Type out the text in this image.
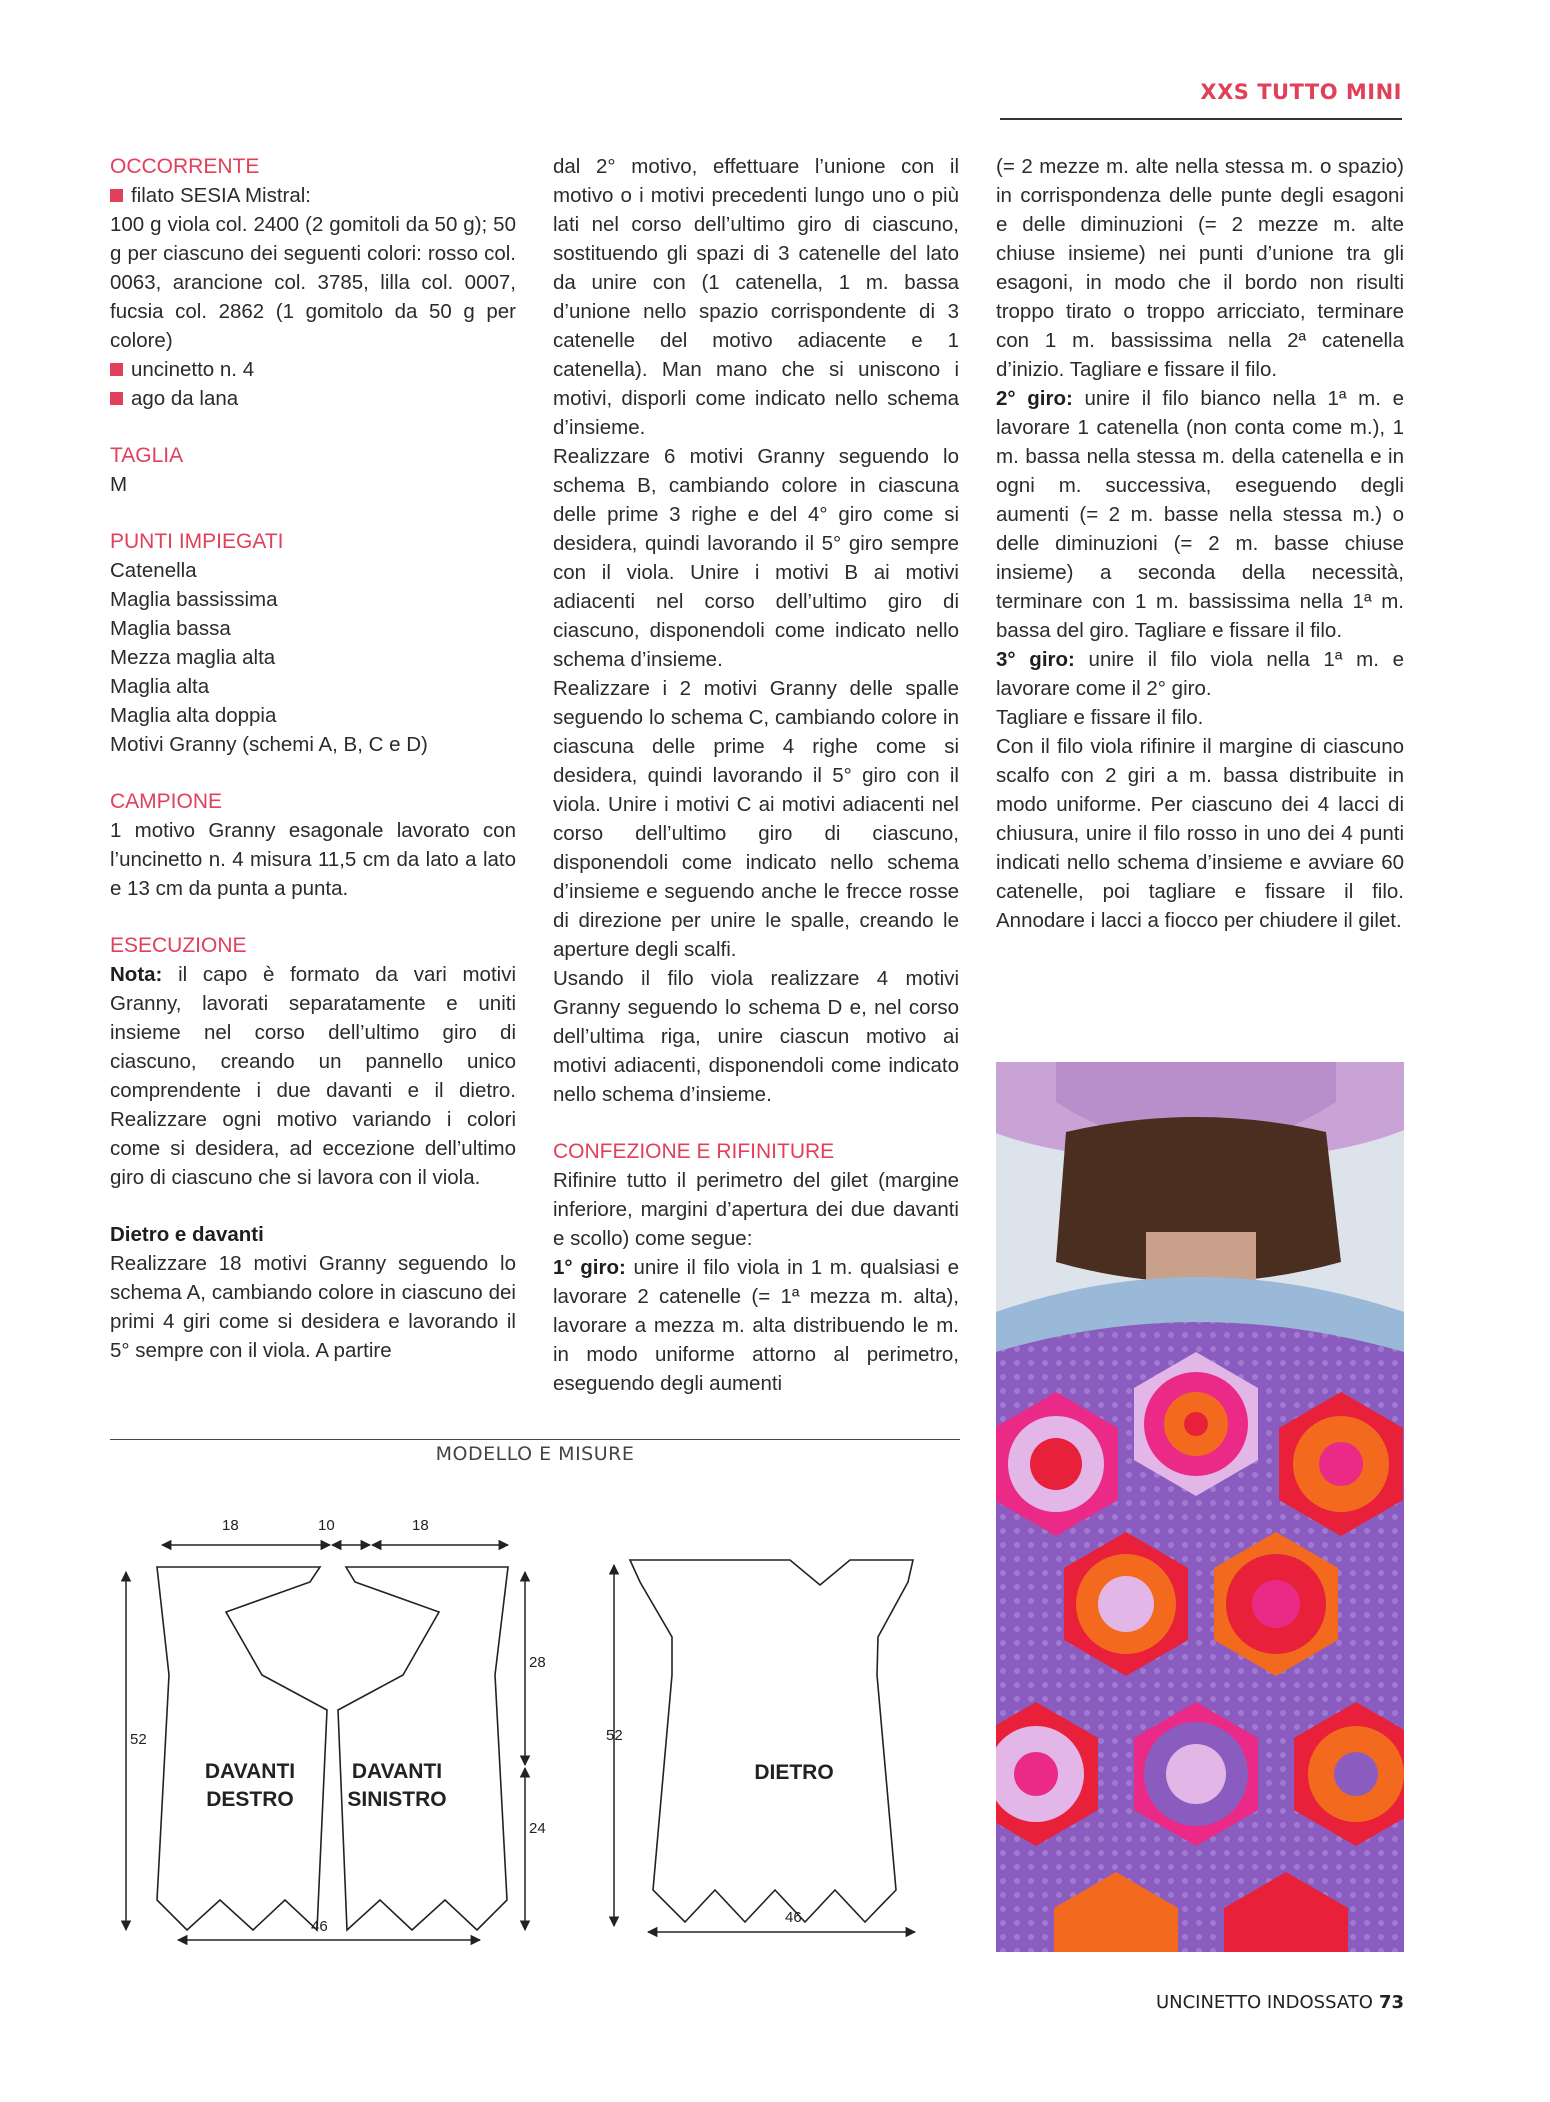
XXS TUTTO MINI

OCCORRENTE

filato SESIA Mistral:

100 g viola col. 2400 (2 gomitoli da 50 g); 50 g per ciascuno dei seguenti colori: rosso col. 0063, arancione col. 3785, lilla col. 0007, fucsia col. 2862 (1 gomitolo da 50 g per colore)

uncinetto n. 4

ago da lana

TAGLIA

M

PUNTI IMPIEGATI

Catenella
Maglia bassissima
Maglia bassa
Mezza maglia alta
Maglia alta
Maglia alta doppia
Motivi Granny (schemi A, B, C e D)

CAMPIONE

1 motivo Granny esagonale lavorato con l’uncinetto n. 4 misura 11,5 cm da lato a lato e 13 cm da punta a punta.

ESECUZIONE

Nota: il capo è formato da vari motivi Granny, lavorati separatamente e uniti insieme nel corso dell’ultimo giro di ciascuno, creando un pannello unico comprendente i due davanti e il dietro. Realizzare ogni motivo variando i colori come si desidera, ad eccezione dell’ultimo giro di ciascuno che si lavora con il viola.

Dietro e davanti

Realizzare 18 motivi Granny seguendo lo schema A, cambiando colore in ciascuno dei primi 4 giri come si desidera e lavorando il 5° sempre con il viola. A partire

dal 2° motivo, effettuare l’unione con il motivo o i motivi precedenti lungo uno o più lati nel corso dell’ultimo giro di ciascuno, sostituendo gli spazi di 3 catenelle del lato da unire con (1 catenella, 1 m. bassa d’unione nello spazio corrispondente di 3 catenelle del motivo adiacente e 1 catenella). Man mano che si uniscono i motivi, disporli come indicato nello schema d’insieme.

Realizzare 6 motivi Granny seguendo lo schema B, cambiando colore in ciascuna delle prime 3 righe e del 4° giro come si desidera, quindi lavorando il 5° giro sempre con il viola. Unire i motivi B ai motivi adiacenti nel corso dell’ultimo giro di ciascuno, disponendoli come indicato nello schema d’insieme.

Realizzare i 2 motivi Granny delle spalle seguendo lo schema C, cambiando colore in ciascuna delle prime 4 righe come si desidera, quindi lavorando il 5° giro con il viola. Unire i motivi C ai motivi adiacenti nel corso dell’ultimo giro di ciascuno, disponendoli come indicato nello schema d’insieme e seguendo anche le frecce rosse di direzione per unire le spalle, creando le aperture degli scalfi.

Usando il filo viola realizzare 4 motivi Granny seguendo lo schema D e, nel corso dell’ultima riga, unire ciascun motivo ai motivi adiacenti, disponendoli come indicato nello schema d’insieme.

CONFEZIONE E RIFINITURE

Rifinire tutto il perimetro del gilet (margine inferiore, margini d’apertura dei due davanti e scollo) come segue:

1° giro: unire il filo viola in 1 m. qualsiasi e lavorare 2 catenelle (= 1ª mezza m. alta), lavorare a mezza m. alta distribuendo le m. in modo uniforme attorno al perimetro, eseguendo degli aumenti

(= 2 mezze m. alte nella stessa m. o spazio) in corrispondenza delle punte degli esagoni e delle diminuzioni (= 2 mezze m. alte chiuse insieme) nei punti d’unione tra gli esagoni, in modo che il bordo non risulti troppo tirato o troppo arricciato, terminare con 1 m. bassissima nella 2ª catenella d’inizio. Tagliare e fissare il filo.

2° giro: unire il filo bianco nella 1ª m. e lavorare 1 catenella (non conta come m.), 1 m. bassa nella stessa m. della catenella e in ogni m. successiva, eseguendo degli aumenti (= 2 m. basse nella stessa m.) o delle diminuzioni (= 2 m. basse chiuse insieme) a seconda della necessità, terminare con 1 m. bassissima nella 1ª m. bassa del giro. Tagliare e fissare il filo.

3° giro: unire il filo viola nella 1ª m. e lavorare come il 2° giro.

Tagliare e fissare il filo.

Con il filo viola rifinire il margine di ciascuno scalfo con 2 giri a m. bassa distribuite in modo uniforme. Per ciascuno dei 4 lacci di chiusura, unire il filo rosso in uno dei 4 punti indicati nello schema d’insieme e avviare 60 catenelle, poi tagliare e fissare il filo. Annodare i lacci a fiocco per chiudere il gilet.

MODELLO E MISURE
18	10	18
52
28
24
46
52
46
DAVANTI
DESTRO
DAVANTI
SINISTRO
DIETRO
UNCINETTO INDOSSATO 73
